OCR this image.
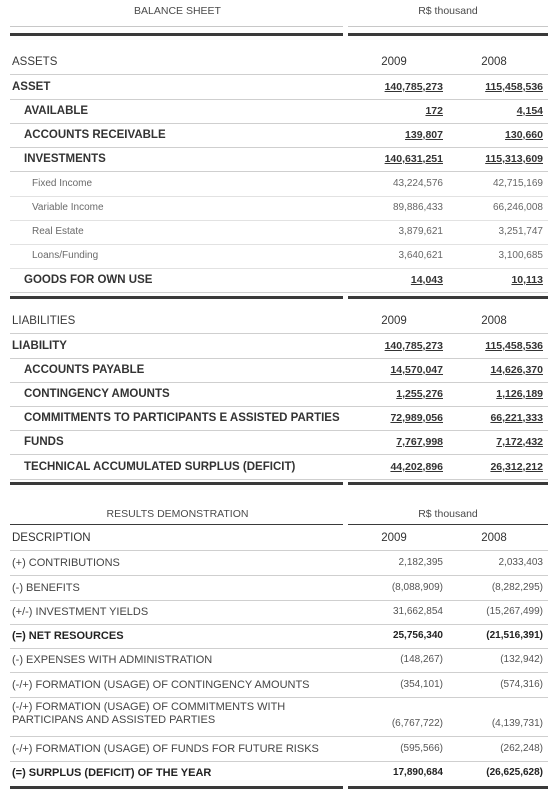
BALANCE SHEET	R$ thousand
ASSETS	2009	2008
ASSET	140,785,273	115,458,536
AVAILABLE	172	4,154
ACCOUNTS RECEIVABLE	139,807	130,660
INVESTMENTS	140,631,251	115,313,609
Fixed Income	43,224,576	42,715,169
Variable Income	89,886,433	66,246,008
Real Estate	3,879,621	3,251,747
Loans/Funding	3,640,621	3,100,685
GOODS FOR OWN USE	14,043	10,113
LIABILITIES	2009	2008
LIABILITY	140,785,273	115,458,536
ACCOUNTS PAYABLE	14,570,047	14,626,370
CONTINGENCY AMOUNTS	1,255,276	1,126,189
COMMITMENTS TO PARTICIPANTS E ASSISTED PARTIES	72,989,056	66,221,333
FUNDS	7,767,998	7,172,432
TECHNICAL ACCUMULATED SURPLUS (DEFICIT)	44,202,896	26,312,212
RESULTS DEMONSTRATION	R$ thousand
DESCRIPTION	2009	2008
(+) CONTRIBUTIONS	2,182,395	2,033,403
(-) BENEFITS	(8,088,909)	(8,282,295)
(+/-) INVESTMENT YIELDS	31,662,854	(15,267,499)
(=) NET RESOURCES	25,756,340	(21,516,391)
(-) EXPENSES WITH ADMINISTRATION	(148,267)	(132,942)
(-/+) FORMATION (USAGE) OF CONTINGENCY AMOUNTS	(354,101)	(574,316)
(-/+) FORMATION (USAGE) OF COMMITMENTS WITH PARTICIPANS AND ASSISTED PARTIES	(6,767,722)	(4,139,731)
(-/+) FORMATION (USAGE) OF FUNDS FOR FUTURE RISKS	(595,566)	(262,248)
(=) SURPLUS (DEFICIT) OF THE YEAR	17,890,684	(26,625,628)
